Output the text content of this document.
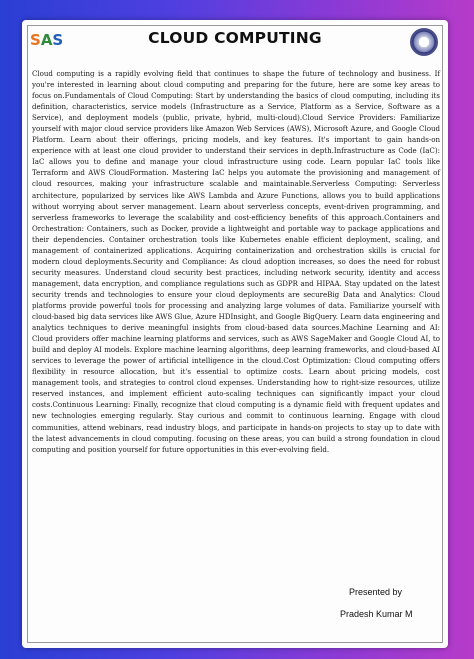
SAS	CLOUD COMPUTING

Cloud computing is a rapidly evolving field that continues to shape the future of technology and business. If you're interested in learning about cloud computing and preparing for the future, here are some key areas to focus on.Fundamentals of Cloud Computing: Start by understanding the basics of cloud computing, including its definition, characteristics, service models (Infrastructure as a Service, Platform as a Service, Software as a Service), and deployment models (public, private, hybrid, multi-cloud).Cloud Service Providers: Familiarize yourself with major cloud service providers like Amazon Web Services (AWS), Microsoft Azure, and Google Cloud Platform. Learn about their offerings, pricing models, and key features. It's important to gain hands-on experience with at least one cloud provider to understand their services in depth.Infrastructure as Code (IaC): IaC allows you to define and manage your cloud infrastructure using code. Learn popular IaC tools like Terraform and AWS CloudFormation. Mastering IaC helps you automate the provisioning and management of cloud resources, making your infrastructure scalable and maintainable.Serverless Computing: Serverless architecture, popularized by services like AWS Lambda and Azure Functions, allows you to build applications without worrying about server management. Learn about serverless concepts, event-driven programming, and serverless frameworks to leverage the scalability and cost-efficiency benefits of this approach.Containers and Orchestration: Containers, such as Docker, provide a lightweight and portable way to package applications and their dependencies. Container orchestration tools like Kubernetes enable efficient deployment, scaling, and management of containerized applications. Acquiring containerization and orchestration skills is crucial for modern cloud deployments.Security and Compliance: As cloud adoption increases, so does the need for robust security measures. Understand cloud security best practices, including network security, identity and access management, data encryption, and compliance regulations such as GDPR and HIPAA. Stay updated on the latest security trends and technologies to ensure your cloud deployments are secureBig Data and Analytics: Cloud platforms provide powerful tools for processing and analyzing large volumes of data. Familiarize yourself with cloud-based big data services like AWS Glue, Azure HDInsight, and Google BigQuery. Learn data engineering and analytics techniques to derive meaningful insights from cloud-based data sources.Machine Learning and AI: Cloud providers offer machine learning platforms and services, such as AWS SageMaker and Google Cloud AI, to build and deploy AI models. Explore machine learning algorithms, deep learning frameworks, and cloud-based AI services to leverage the power of artificial intelligence in the cloud.Cost Optimization: Cloud computing offers flexibility in resource allocation, but it's essential to optimize costs. Learn about pricing models, cost management tools, and strategies to control cloud expenses. Understanding how to right-size resources, utilize reserved instances, and implement efficient auto-scaling techniques can significantly impact your cloud costs.Continuous Learning: Finally, recognize that cloud computing is a dynamic field with frequent updates and new technologies emerging regularly. Stay curious and commit to continuous learning. Engage with cloud communities, attend webinars, read industry blogs, and participate in hands-on projects to stay up to date with the latest advancements in cloud computing. focusing on these areas, you can build a strong foundation in cloud computing and position yourself for future opportunities in this ever-evolving field.

Presented by
Pradesh Kumar M
